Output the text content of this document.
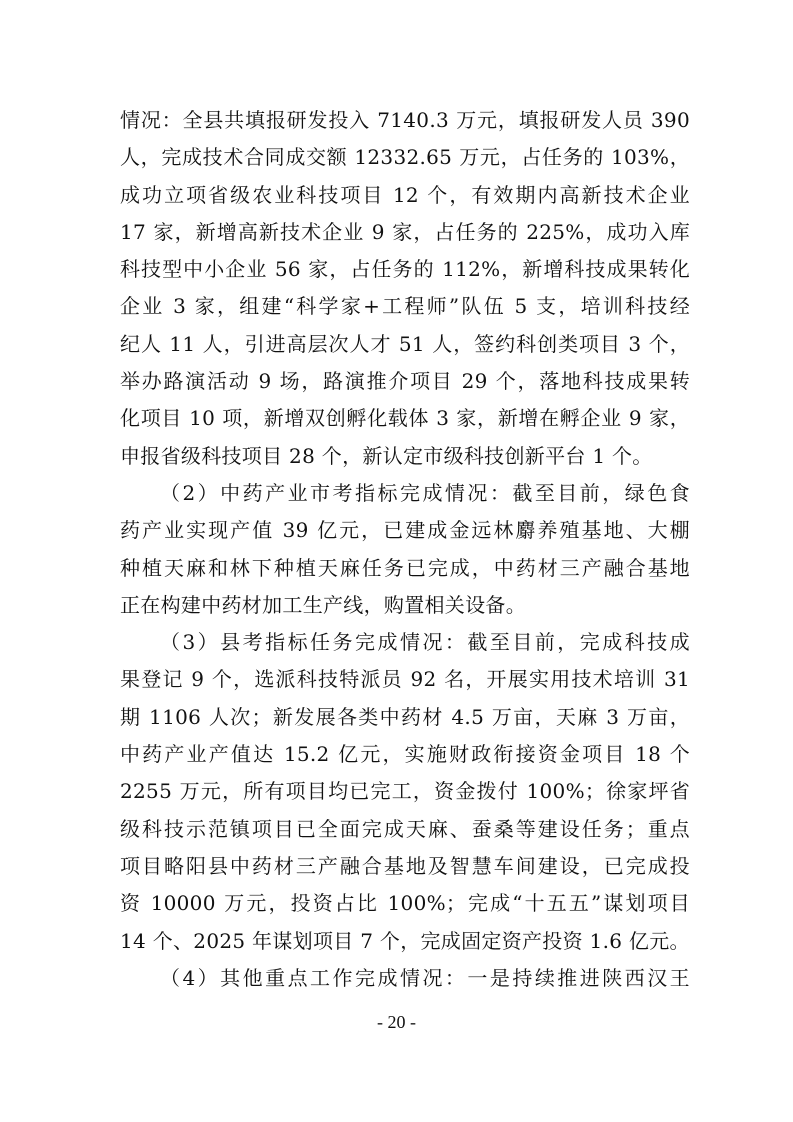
情况：全县共填报研发投入 7140.3 万元，填报研发人员 390
人，完成技术合同成交额 12332.65 万元，占任务的 103%，
成功立项省级农业科技项目 12 个，有效期内高新技术企业
17 家，新增高新技术企业 9 家，占任务的 225%，成功入库
科技型中小企业 56 家，占任务的 112%，新增科技成果转化
企业 3 家，组建“科学家+工程师”队伍 5 支，培训科技经
纪人 11 人，引进高层次人才 51 人，签约科创类项目 3 个，
举办路演活动 9 场，路演推介项目 29 个，落地科技成果转
化项目 10 项，新增双创孵化载体 3 家，新增在孵企业 9 家，
申报省级科技项目 28 个，新认定市级科技创新平台 1 个。
（2）中药产业市考指标完成情况：截至目前，绿色食
药产业实现产值 39 亿元，已建成金远林麝养殖基地、大棚
种植天麻和林下种植天麻任务已完成，中药材三产融合基地
正在构建中药材加工生产线，购置相关设备。
（3）县考指标任务完成情况：截至目前，完成科技成
果登记 9 个，选派科技特派员 92 名，开展实用技术培训 31
期 1106 人次；新发展各类中药材 4.5 万亩，天麻 3 万亩，
中药产业产值达 15.2 亿元，实施财政衔接资金项目 18 个
2255 万元，所有项目均已完工，资金拨付 100%；徐家坪省
级科技示范镇项目已全面完成天麻、蚕桑等建设任务；重点
项目略阳县中药材三产融合基地及智慧车间建设，已完成投
资 10000 万元，投资占比 100%；完成“十五五”谋划项目
14 个、2025 年谋划项目 7 个，完成固定资产投资 1.6 亿元。
（4）其他重点工作完成情况：一是持续推进陕西汉王
- 20 -
